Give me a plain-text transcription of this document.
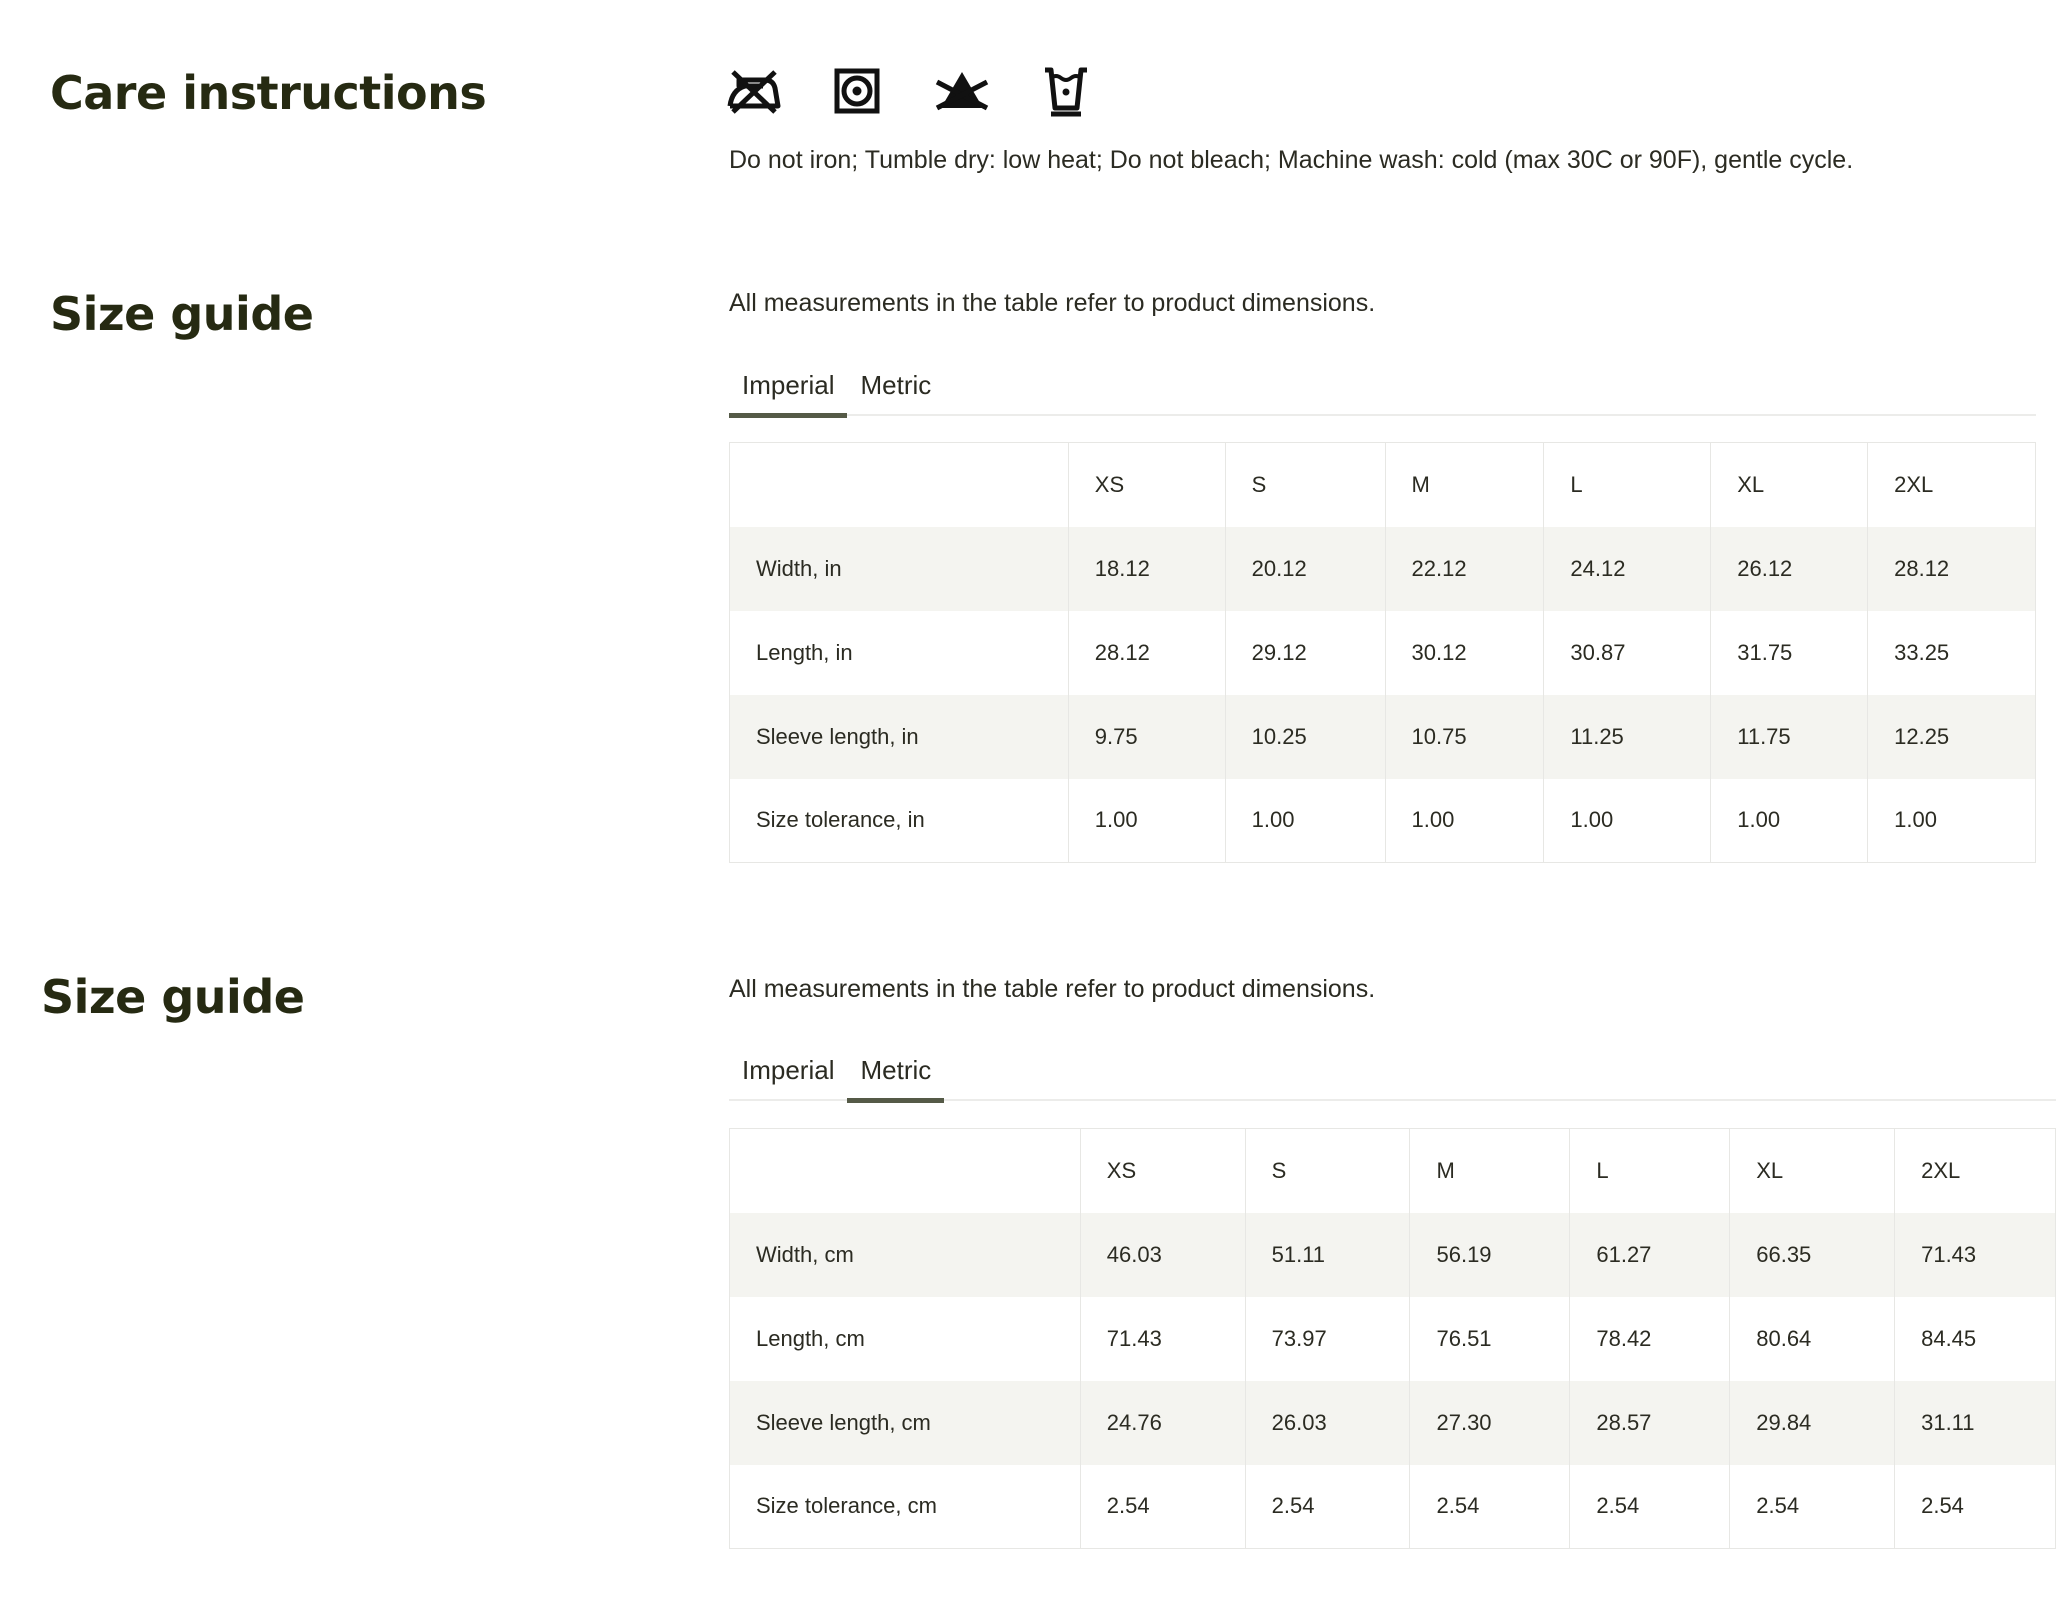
Care instructions
Do not iron; Tumble dry: low heat; Do not bleach; Machine wash: cold (max 30C or 90F), gentle cycle.
Size guide	All measurements in the table refer to product dimensions.
Imperial	Metric
	XS	S	M	L	XL	2XL
Width, in	18.12	20.12	22.12	24.12	26.12	28.12
Length, in	28.12	29.12	30.12	30.87	31.75	33.25
Sleeve length, in	9.75	10.25	10.75	11.25	11.75	12.25
Size tolerance, in	1.00	1.00	1.00	1.00	1.00	1.00
Size guide	All measurements in the table refer to product dimensions.
Imperial	Metric
	XS	S	M	L	XL	2XL
Width, cm	46.03	51.11	56.19	61.27	66.35	71.43
Length, cm	71.43	73.97	76.51	78.42	80.64	84.45
Sleeve length, cm	24.76	26.03	27.30	28.57	29.84	31.11
Size tolerance, cm	2.54	2.54	2.54	2.54	2.54	2.54
